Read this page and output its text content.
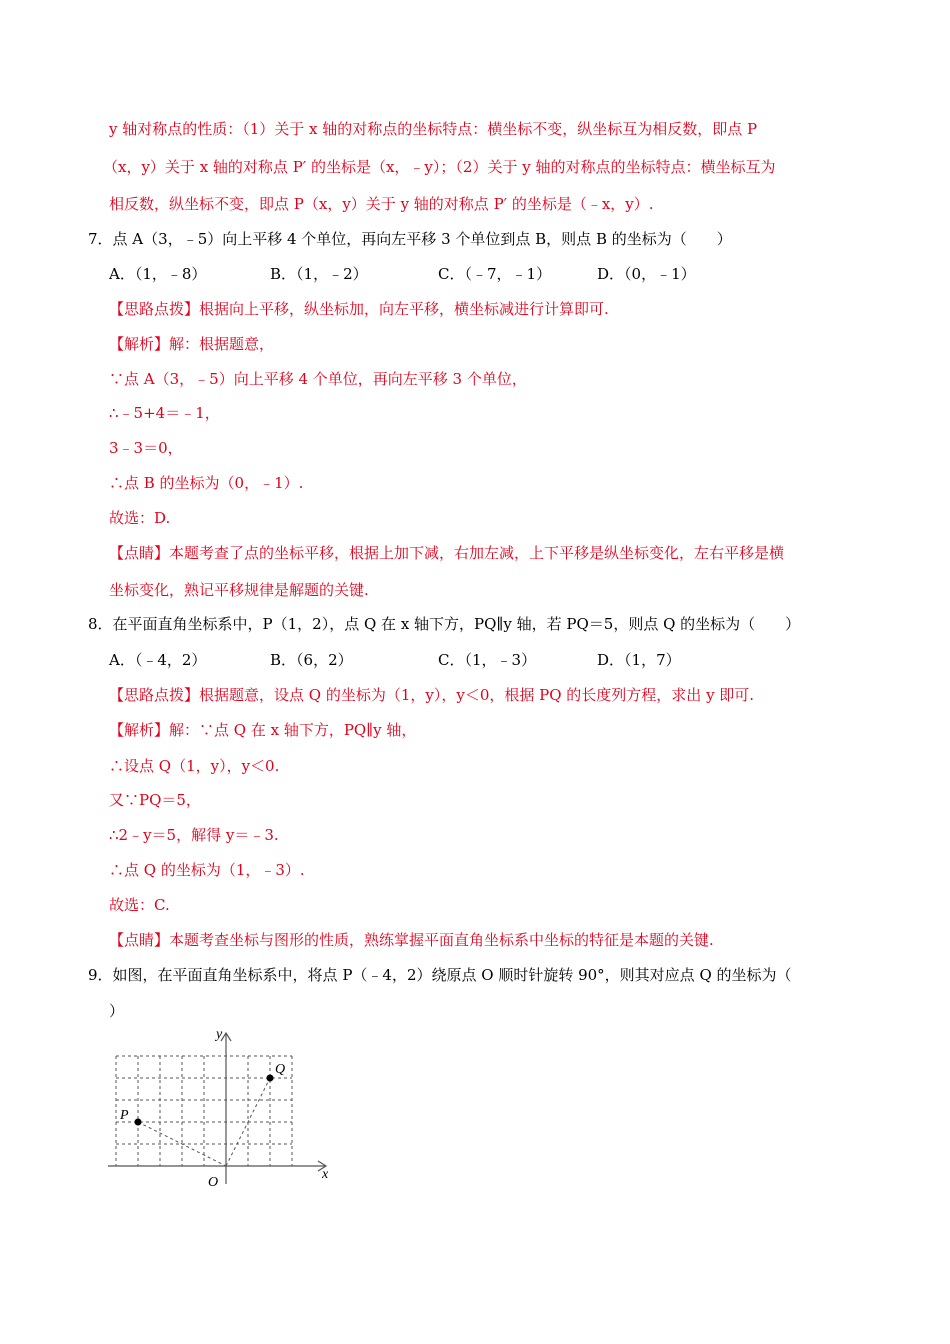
y 轴对称点的性质：（1）关于 x 轴的对称点的坐标特点：横坐标不变，纵坐标互为相反数，即点 P
（x，y）关于 x 轴的对称点 P′ 的坐标是（x，﹣y）；（2）关于 y 轴的对称点的坐标特点：横坐标互为
相反数，纵坐标不变，即点 P（x，y）关于 y 轴的对称点 P′ 的坐标是（﹣x，y）.
7．点 A（3，﹣5）向上平移 4 个单位，再向左平移 3 个单位到点 B，则点 B 的坐标为（　　）
A．（1，﹣8）	B．（1，﹣2）	C．（﹣7，﹣1）	D．（0，﹣1）
【思路点拨】根据向上平移，纵坐标加，向左平移，横坐标减进行计算即可.
【解析】解：根据题意，
∵点 A（3，﹣5）向上平移 4 个单位，再向左平移 3 个单位，
∴﹣5+4＝﹣1，
3﹣3＝0，
∴点 B 的坐标为（0，﹣1）.
故选：D.
【点睛】本题考查了点的坐标平移，根据上加下减，右加左减，上下平移是纵坐标变化，左右平移是横
坐标变化，熟记平移规律是解题的关键.
8．在平面直角坐标系中，P（1，2），点 Q 在 x 轴下方，PQ∥y 轴，若 PQ＝5，则点 Q 的坐标为（　　）
A．（﹣4，2）	B．（6，2）	C．（1，﹣3）	D．（1，7）
【思路点拨】根据题意，设点 Q 的坐标为（1，y），y＜0，根据 PQ 的长度列方程，求出 y 即可.
【解析】解：∵点 Q 在 x 轴下方，PQ∥y 轴，
∴设点 Q（1，y），y＜0.
又∵PQ＝5，
∴2﹣y＝5，解得 y＝﹣3.
∴点 Q 的坐标为（1，﹣3）.
故选：C.
【点睛】本题考查坐标与图形的性质，熟练掌握平面直角坐标系中坐标的特征是本题的关键.
9．如图，在平面直角坐标系中，将点 P（﹣4，2）绕原点 O 顺时针旋转 90°，则其对应点 Q 的坐标为（
）
y
x
O
P
Q
